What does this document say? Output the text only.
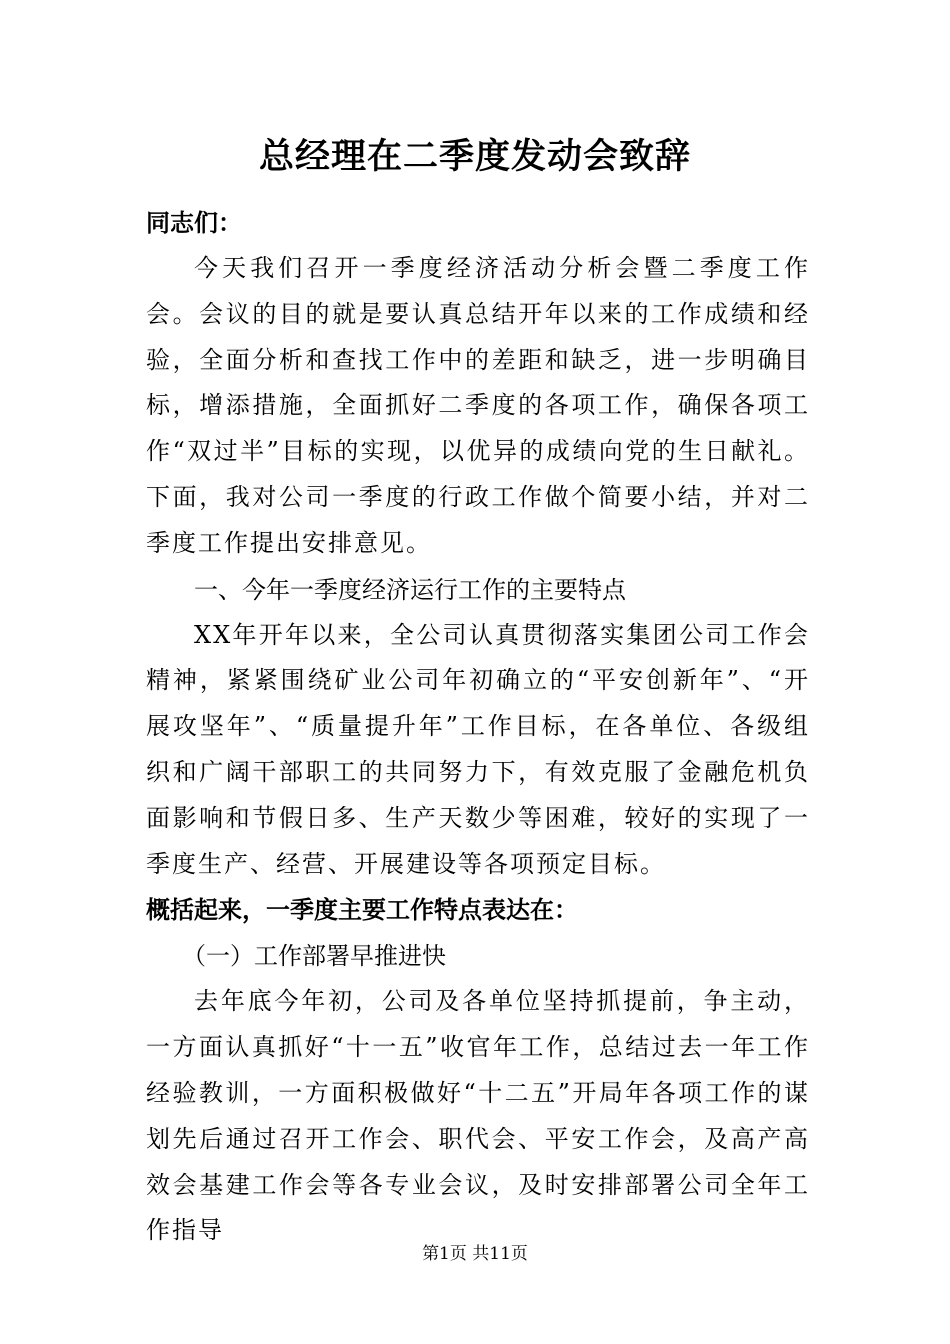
总经理在二季度发动会致辞

同志们：

今天我们召开一季度经济活动分析会暨二季度工作会。会议的目的就是要认真总结开年以来的工作成绩和经验，全面分析和查找工作中的差距和缺乏，进一步明确目标，增添措施，全面抓好二季度的各项工作，确保各项工作“双过半”目标的实现，以优异的成绩向党的生日献礼。下面，我对公司一季度的行政工作做个简要小结，并对二季度工作提出安排意见。

一、今年一季度经济运行工作的主要特点

XX年开年以来，全公司认真贯彻落实集团公司工作会精神，紧紧围绕矿业公司年初确立的“平安创新年”、“开展攻坚年”、“质量提升年”工作目标，在各单位、各级组织和广阔干部职工的共同努力下，有效克服了金融危机负面影响和节假日多、生产天数少等困难，较好的实现了一季度生产、经营、开展建设等各项预定目标。

概括起来，一季度主要工作特点表达在：

（一）工作部署早推进快

去年底今年初，公司及各单位坚持抓提前，争主动，一方面认真抓好“十一五”收官年工作，总结过去一年工作经验教训，一方面积极做好“十二五”开局年各项工作的谋划先后通过召开工作会、职代会、平安工作会，及高产高效会基建工作会等各专业会议，及时安排部署公司全年工作指导

第1页 共11页
